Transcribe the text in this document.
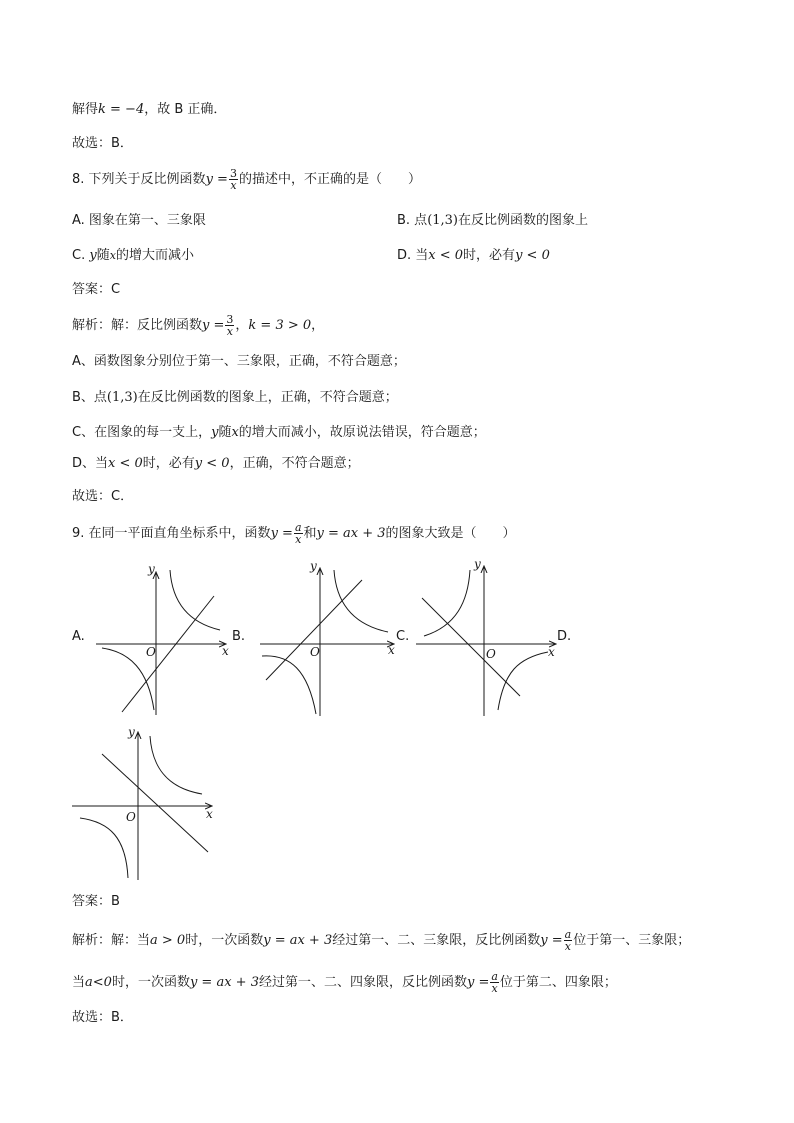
解得k = −4，故 B 正确．
故选：B．
8. 下列关于反比例函数$y = \frac{3}{x}$ 的描述中，不正确的是（　　）
A. 图象在第一、三象限	B. 点(1,3)在反比例函数的图象上
C. y随x的增大而减小	D. 当x < 0时，必有y < 0
答案：C
解析：解：反比例函数$y = \frac{3}{x}$ ，k = 3 > 0，
A、函数图象分别位于第一、三象限，正确，不符合题意；
B、点(1,3)在反比例函数的图象上，正确，不符合题意；
C、在图象的每一支上，y随x的增大而减小，故原说法错误，符合题意；
D、当x < 0时，必有y < 0，正确，不符合题意；
故选：C．
9. 在同一平面直角坐标系中，函数$y = \frac{a}{x}$ 和y = ax + 3的图象大致是（　　）
A.	B.	C.	D.
y
x
O
y
x
O
y
x
O
y
x
O
答案：B
解析：解：当a > 0时，一次函数y = ax + 3经过第一、二、三象限，反比例函数$y = \frac{a}{x}$ 位于第一、三象限；
当a<0时，一次函数y = ax + 3经过第一、二、四象限，反比例函数$y = \frac{a}{x}$ 位于第二、四象限；
故选：B．
